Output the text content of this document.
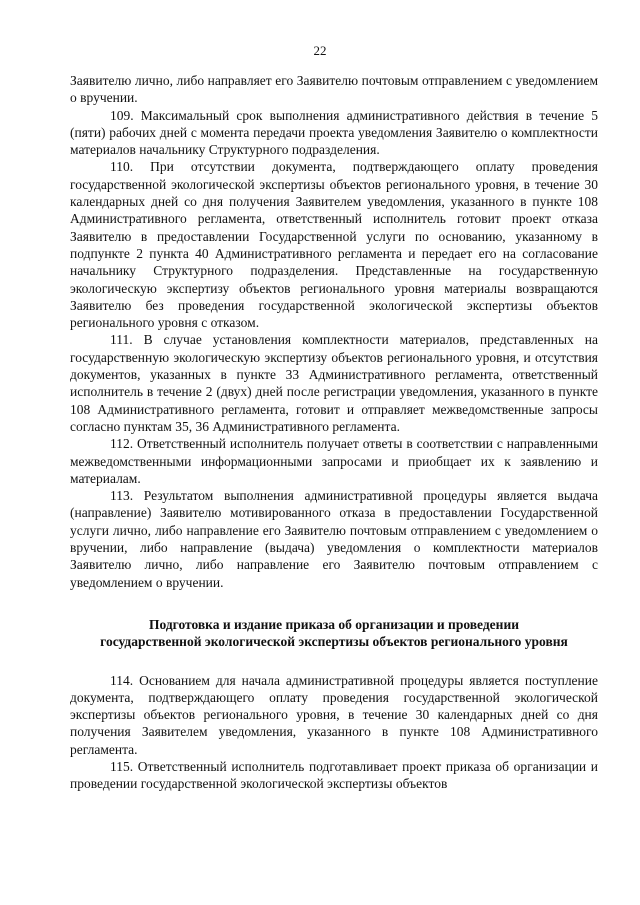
22

Заявителю лично, либо направляет его Заявителю почтовым отправлением с уведомлением о вручении.

109. Максимальный срок выполнения административного действия в течение 5 (пяти) рабочих дней с момента передачи проекта уведомления Заявителю о комплектности материалов начальнику Структурного подразделения.

110. При отсутствии документа, подтверждающего оплату проведения государственной экологической экспертизы объектов регионального уровня, в течение 30 календарных дней со дня получения Заявителем уведомления, указанного в пункте 108 Административного регламента, ответственный исполнитель готовит проект отказа Заявителю в предоставлении Государственной услуги по основанию, указанному в подпункте 2 пункта 40 Административного регламента и передает его на согласование начальнику Структурного подразделения. Представленные на государственную экологическую экспертизу объектов регионального уровня материалы возвращаются Заявителю без проведения государственной экологической экспертизы объектов регионального уровня с отказом.

111. В случае установления комплектности материалов, представленных на государственную экологическую экспертизу объектов регионального уровня, и отсутствия документов, указанных в пункте 33 Административного регламента, ответственный исполнитель в течение 2 (двух) дней после регистрации уведомления, указанного в пункте 108 Административного регламента, готовит и отправляет межведомственные запросы согласно пунктам 35, 36 Административного регламента.

112. Ответственный исполнитель получает ответы в соответствии с направленными межведомственными информационными запросами и приобщает их к заявлению и материалам.

113. Результатом выполнения административной процедуры является выдача (направление) Заявителю мотивированного отказа в предоставлении Государственной услуги лично, либо направление его Заявителю почтовым отправлением с уведомлением о вручении, либо направление (выдача) уведомления о комплектности материалов Заявителю лично, либо направление его Заявителю почтовым отправлением с уведомлением о вручении.

Подготовка и издание приказа об организации и проведении
государственной экологической экспертизы объектов регионального уровня

114. Основанием для начала административной процедуры является поступление документа, подтверждающего оплату проведения государственной экологической экспертизы объектов регионального уровня, в течение 30 календарных дней со дня получения Заявителем уведомления, указанного в пункте 108 Административного регламента.

115. Ответственный исполнитель подготавливает проект приказа об организации и проведении государственной экологической экспертизы объектов
